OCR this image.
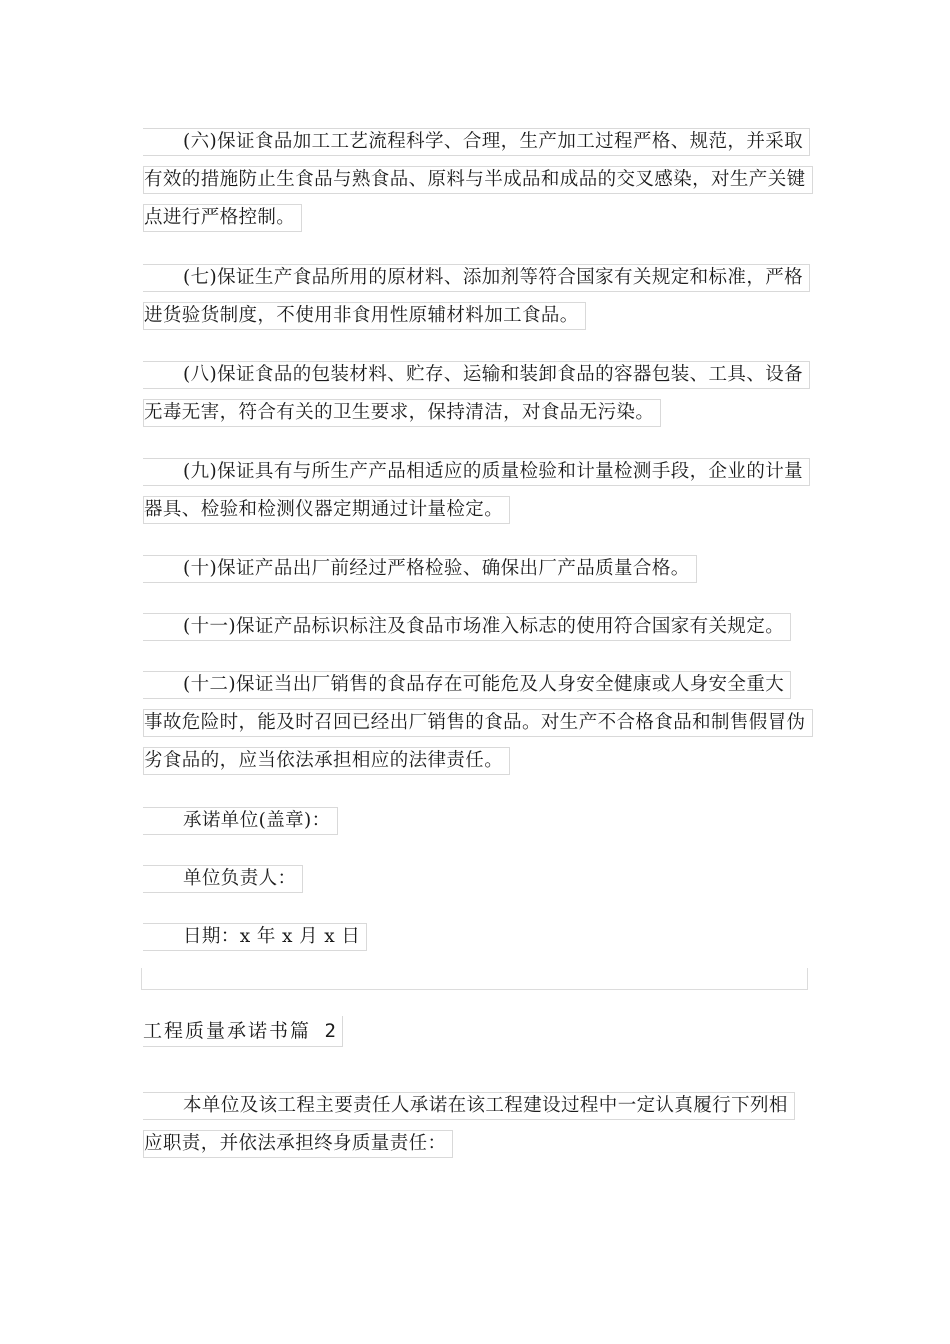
(六)保证食品加工工艺流程科学、合理，生产加工过程严格、规范，并采取
有效的措施防止生食品与熟食品、原料与半成品和成品的交叉感染，对生产关键
点进行严格控制。
(七)保证生产食品所用的原材料、添加剂等符合国家有关规定和标准，严格
进货验货制度，不使用非食用性原辅材料加工食品。
(八)保证食品的包装材料、贮存、运输和装卸食品的容器包装、工具、设备
无毒无害，符合有关的卫生要求，保持清洁，对食品无污染。
(九)保证具有与所生产产品相适应的质量检验和计量检测手段，企业的计量
器具、检验和检测仪器定期通过计量检定。
(十)保证产品出厂前经过严格检验、确保出厂产品质量合格。
(十一)保证产品标识标注及食品市场准入标志的使用符合国家有关规定。
(十二)保证当出厂销售的食品存在可能危及人身安全健康或人身安全重大
事故危险时，能及时召回已经出厂销售的食品。对生产不合格食品和制售假冒伪
劣食品的，应当依法承担相应的法律责任。
承诺单位(盖章)：
单位负责人：
日期：x 年 x 月 x 日
工程质量承诺书篇 2
本单位及该工程主要责任人承诺在该工程建设过程中一定认真履行下列相
应职责，并依法承担终身质量责任：
